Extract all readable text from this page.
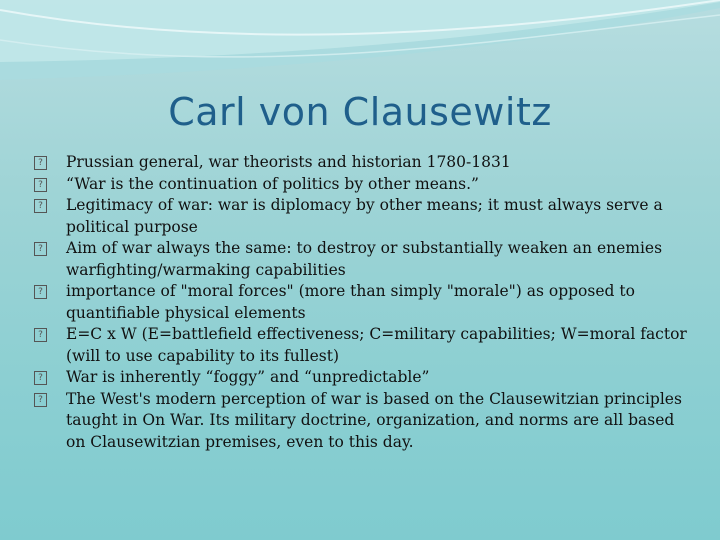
Carl von Clausewitz
? Prussian general, war theorists and historian 1780-1831
? “War is the continuation of politics by other means.”
? Legitimacy of war: war is diplomacy by other means; it must always serve a political purpose
? Aim of war always the same: to destroy or substantially weaken an enemies warfighting/warmaking capabilities
? importance of "moral forces" (more than simply "morale") as opposed to quantifiable physical elements
? E=C x W (E=battlefield effectiveness; C=military capabilities; W=moral factor (will to use capability to its fullest)
? War is inherently “foggy” and “unpredictable”
? The West's modern perception of war is based on the Clausewitzian principles taught in On War. Its military doctrine, organization, and norms are all based on Clausewitzian premises, even to this day.
